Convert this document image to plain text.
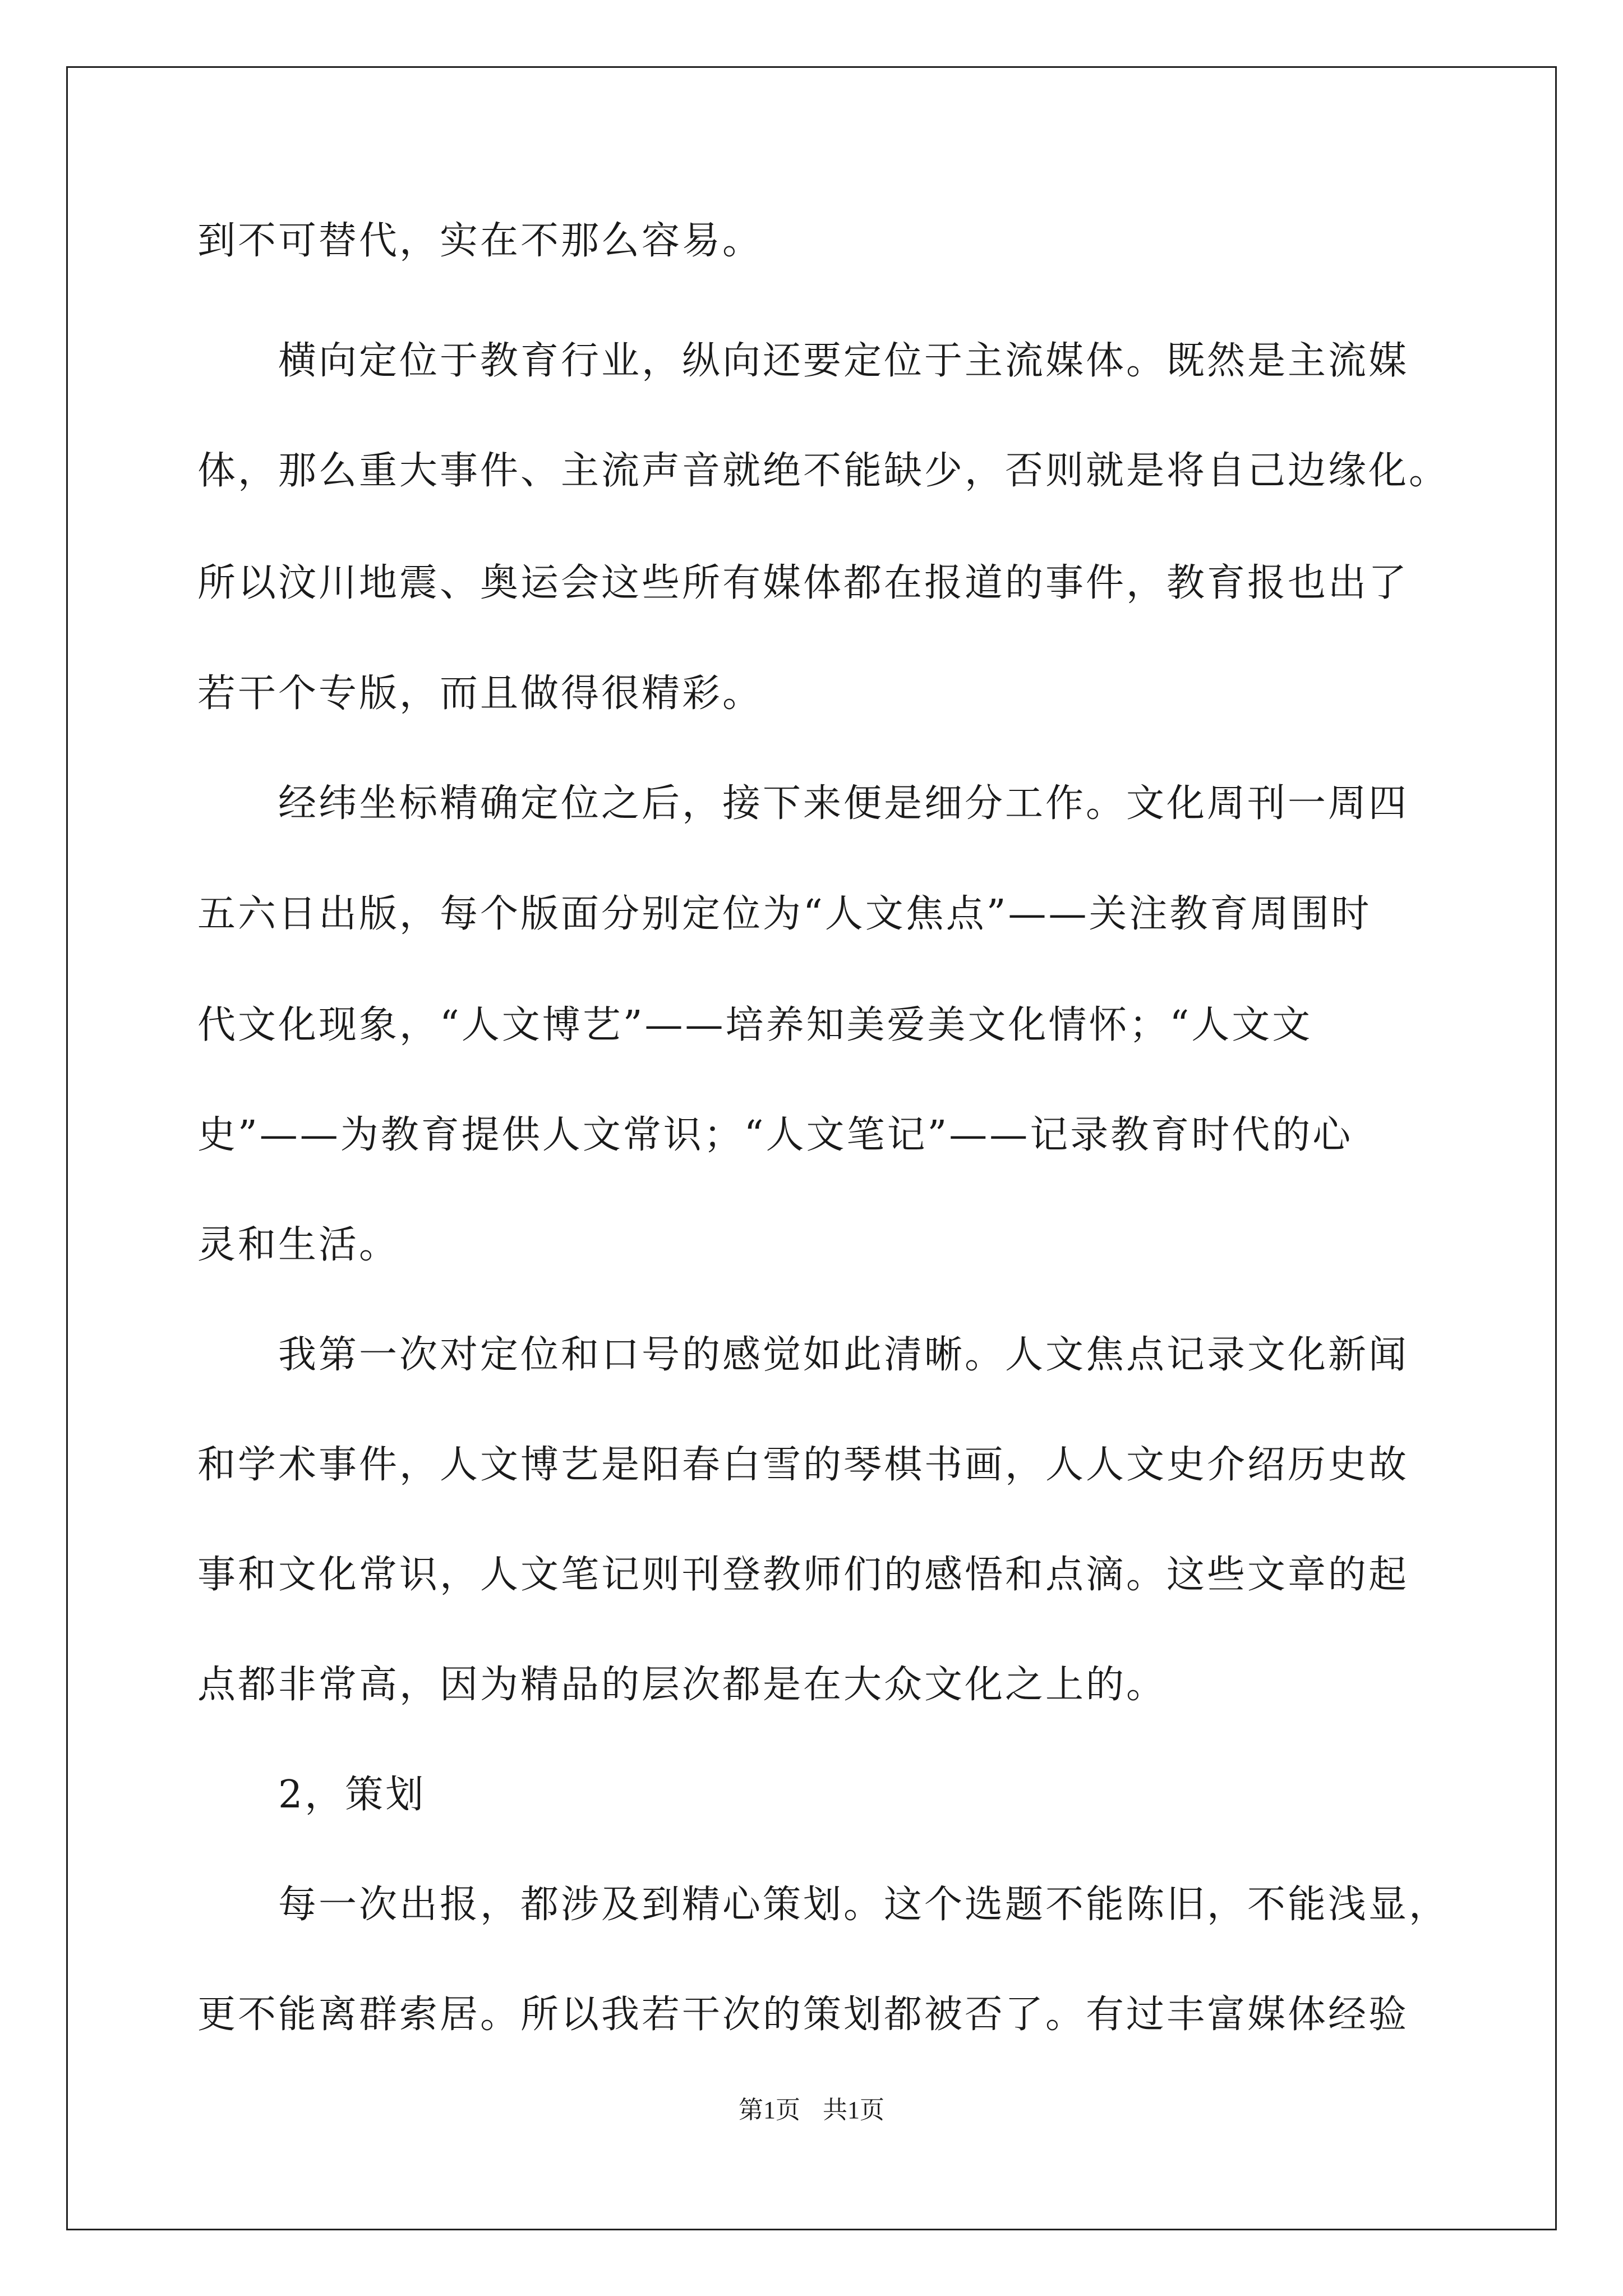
到不可替代，实在不那么容易。
　　横向定位于教育行业，纵向还要定位于主流媒体。既然是主流媒
体，那么重大事件、主流声音就绝不能缺少，否则就是将自己边缘化。
所以汶川地震、奥运会这些所有媒体都在报道的事件，教育报也出了
若干个专版，而且做得很精彩。
　　经纬坐标精确定位之后，接下来便是细分工作。文化周刊一周四
五六日出版，每个版面分别定位为“人文焦点”——关注教育周围时
代文化现象，“人文博艺”——培养知美爱美文化情怀；“人文文
史”——为教育提供人文常识；“人文笔记”——记录教育时代的心
灵和生活。
　　我第一次对定位和口号的感觉如此清晰。人文焦点记录文化新闻
和学术事件，人文博艺是阳春白雪的琴棋书画，人人文史介绍历史故
事和文化常识，人文笔记则刊登教师们的感悟和点滴。这些文章的起
点都非常高，因为精品的层次都是在大众文化之上的。
　　2，策划
　　每一次出报，都涉及到精心策划。这个选题不能陈旧，不能浅显，
更不能离群索居。所以我若干次的策划都被否了。有过丰富媒体经验
第1页 共1页
